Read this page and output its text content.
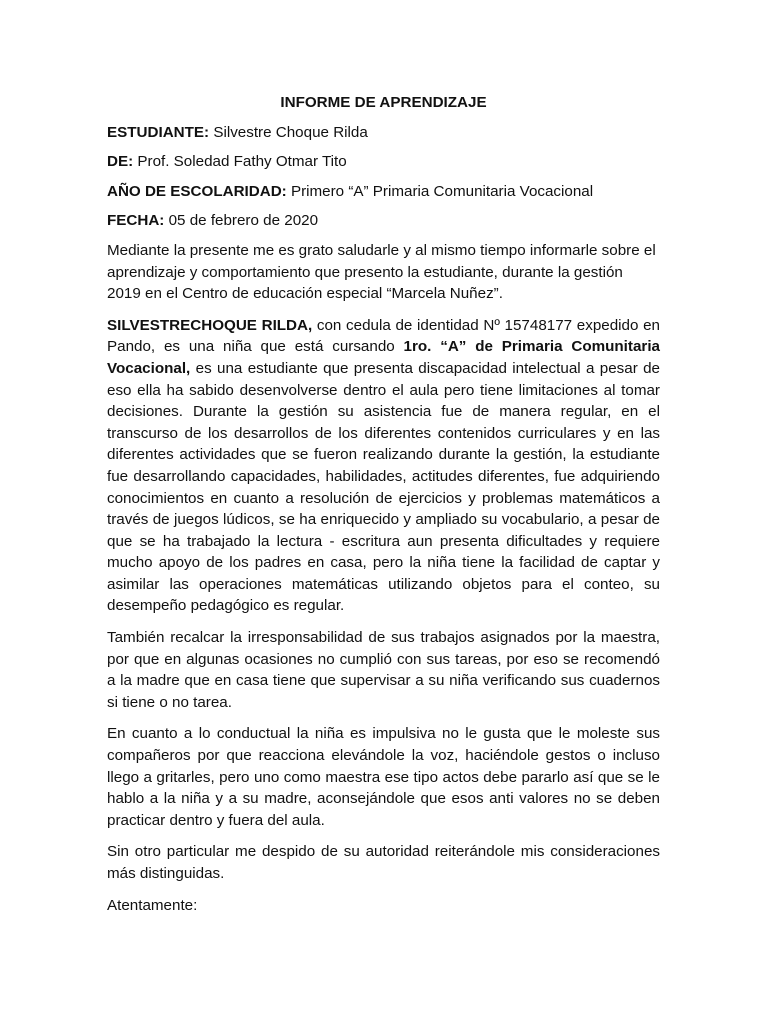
INFORME DE APRENDIZAJE
ESTUDIANTE: Silvestre Choque Rilda
DE: Prof. Soledad Fathy Otmar Tito
AÑO DE ESCOLARIDAD: Primero “A” Primaria Comunitaria Vocacional
FECHA: 05 de febrero de 2020

Mediante la presente me es grato saludarle y al mismo tiempo informarle sobre el aprendizaje y comportamiento que presento la estudiante, durante la gestión 2019 en el Centro de educación especial “Marcela Nuñez”.

SILVESTRECHOQUE RILDA, con cedula de identidad Nº 15748177 expedido en Pando, es una niña que está cursando 1ro. “A” de Primaria Comunitaria Vocacional, es una estudiante que presenta discapacidad intelectual a pesar de eso ella ha sabido desenvolverse dentro el aula pero tiene limitaciones al tomar decisiones. Durante la gestión su asistencia fue de manera regular, en el transcurso de los desarrollos de los diferentes contenidos curriculares y en las diferentes actividades que se fueron realizando durante la gestión, la estudiante fue desarrollando capacidades, habilidades, actitudes diferentes, fue adquiriendo conocimientos en cuanto a resolución de ejercicios y problemas matemáticos a través de juegos lúdicos, se ha enriquecido y ampliado su vocabulario, a pesar de que se ha trabajado la lectura - escritura aun presenta dificultades y requiere mucho apoyo de los padres en casa, pero la niña tiene la facilidad de captar y asimilar las operaciones matemáticas utilizando objetos para el conteo, su desempeño pedagógico es regular.

También recalcar la irresponsabilidad de sus trabajos asignados por la maestra, por que en algunas ocasiones no cumplió con sus tareas, por eso se recomendó a la madre que en casa tiene que supervisar a su niña verificando sus cuadernos si tiene o no tarea.

En cuanto a lo conductual la niña es impulsiva no le gusta que le moleste sus compañeros por que reacciona elevándole la voz, haciéndole gestos o incluso llego a gritarles, pero uno como maestra ese tipo actos debe pararlo así que se le hablo a la niña y a su madre, aconsejándole que esos anti valores no se deben practicar dentro y fuera del aula.

Sin otro particular me despido de su autoridad reiterándole mis consideraciones más distinguidas.

Atentamente:
